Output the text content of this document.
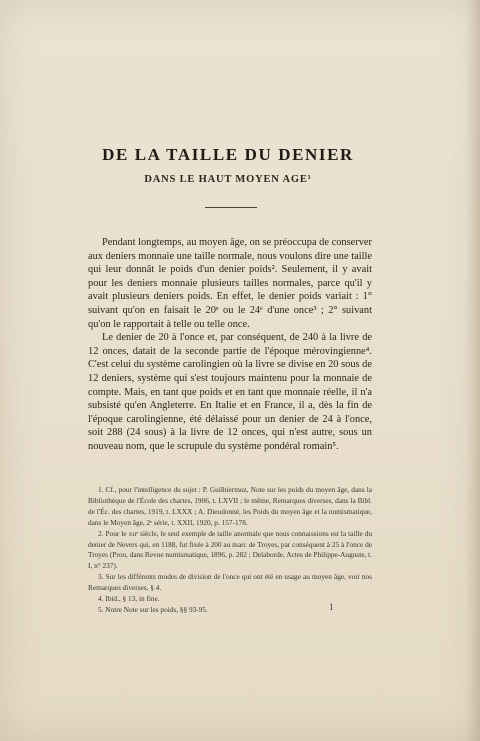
DE LA TAILLE DU DENIER
DANS LE HAUT MOYEN AGE¹

Pendant longtemps, au moyen âge, on se préoccupa de conserver aux deniers monnaie une taille normale, nous voulons dire une taille qui leur donnât le poids d'un denier poids². Seulement, il y avait pour les deniers monnaie plusieurs tailles normales, parce qu'il y avait plusieurs deniers poids. En effet, le denier poids variait : 1° suivant qu'on en faisait le 20ᵉ ou le 24ᵉ d'une once³ ; 2° suivant qu'on le rapportait à telle ou telle once.

Le denier de 20 à l'once et, par conséquent, de 240 à la livre de 12 onces, datait de la seconde partie de l'époque mérovingienne⁴. C'est celui du système carolingien où la livre se divise en 20 sous de 12 deniers, système qui s'est toujours maintenu pour la monnaie de compte. Mais, en tant que poids et en tant que monnaie réelle, il n'a subsisté qu'en Angleterre. En Italie et en France, il a, dès la fin de l'époque carolingienne, été délaissé pour un denier de 24 à l'once, soit 288 (24 sous) à la livre de 12 onces, qui n'est autre, sous un nouveau nom, que le scrupule du système pondéral romain⁵.

1. Cf., pour l'intelligence du sujet : P. Guilhiermoz, Note sur les poids du moyen âge, dans la Bibliothèque de l'École des chartes, 1906, t. LXVII ; le même, Remarques diverses, dans la Bibl. de l'Éc. des chartes, 1919, t. LXXX ; A. Dieudonné, les Poids du moyen âge et la numismatique, dans le Moyen âge, 2ᵉ série, t. XXII, 1920, p. 157-178.

2. Pour le xııᵉ siècle, le seul exemple de taille anormale que nous connaissions est la taille du denier de Nevers qui, en 1188, fut fixée à 200 au marc de Troyes, par conséquent à 25 à l'once de Troyes (Prou, dans Revue numismatique, 1896, p. 282 ; Delaborde, Actes de Philippe-Auguste, t. I, n° 237).

3. Sur les différents modes de division de l'once qui ont été en usage au moyen âge, voir nos Remarques diverses, § 4.

4. Ibid., § 13, in fine.

5. Notre Note sur les poids, §§ 93-95.	1
